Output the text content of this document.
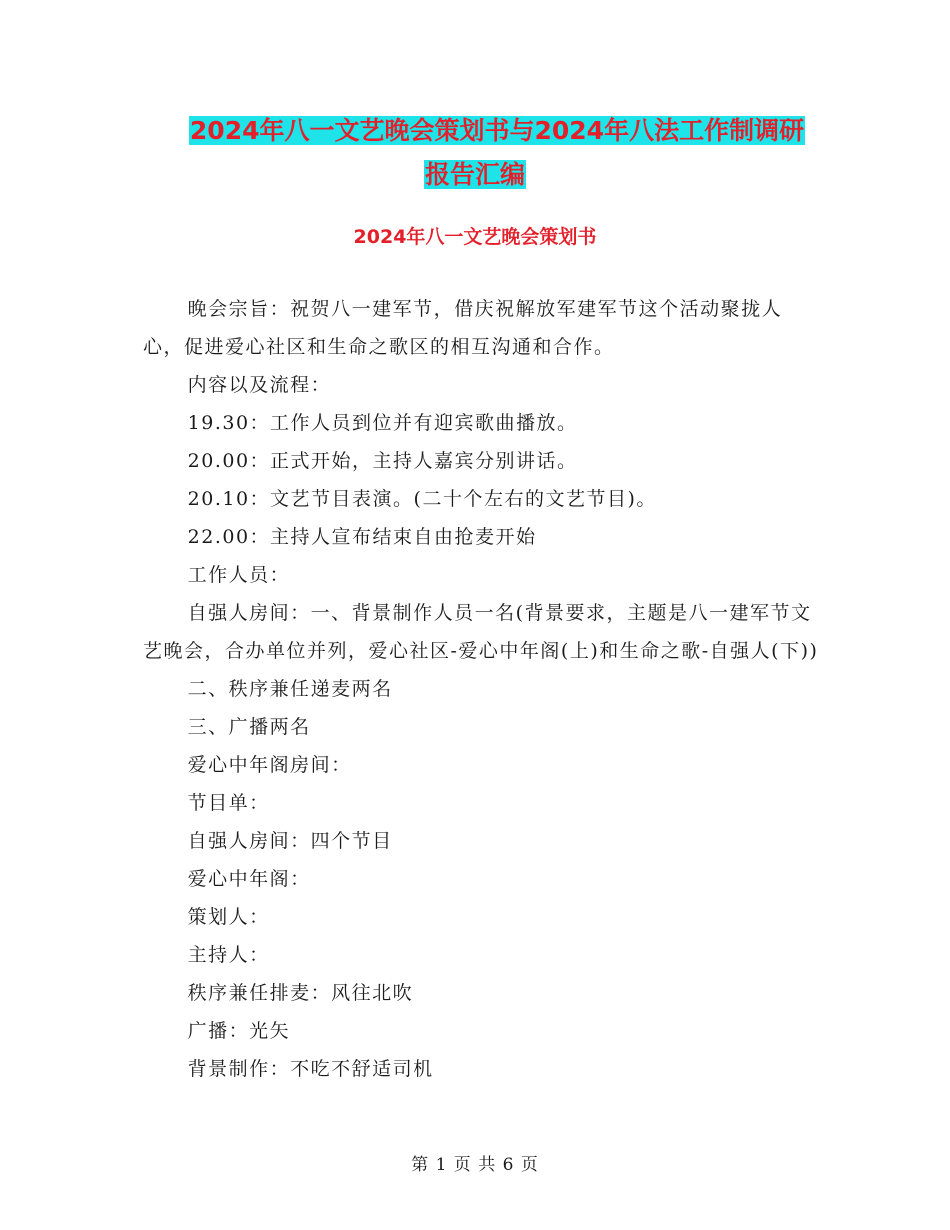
2024年八一文艺晚会策划书与2024年八法工作制调研
报告汇编
2024年八一文艺晚会策划书

晚会宗旨：祝贺八一建军节，借庆祝解放军建军节这个活动聚拢人心，促进爱心社区和生命之歌区的相互沟通和合作。

内容以及流程：

19.30：工作人员到位并有迎宾歌曲播放。

20.00：正式开始，主持人嘉宾分别讲话。

20.10：文艺节目表演。(二十个左右的文艺节目)。

22.00：主持人宣布结束自由抢麦开始

工作人员：

自强人房间：一、背景制作人员一名(背景要求，主题是八一建军节文艺晚会，合办单位并列，爱心社区-爱心中年阁(上)和生命之歌-自强人(下))

二、秩序兼任递麦两名

三、广播两名

爱心中年阁房间：

节目单：

自强人房间：四个节目

爱心中年阁：

策划人：

主持人：

秩序兼任排麦：风往北吹

广播：光矢

背景制作：不吃不舒适司机

第 1 页 共 6 页
